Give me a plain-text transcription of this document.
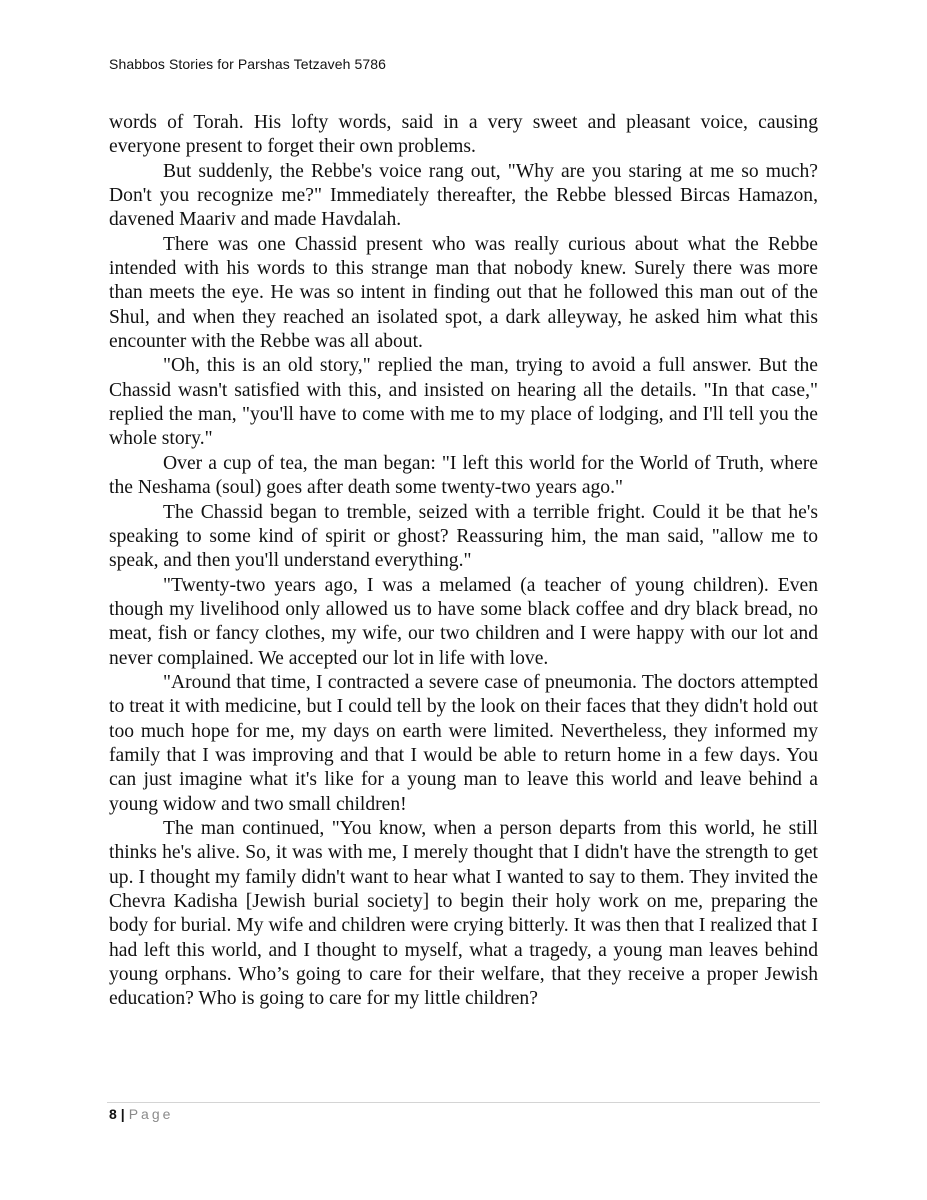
Shabbos Stories for Parshas Tetzaveh 5786

words of Torah. His lofty words, said in a very sweet and pleasant voice, causing everyone present to forget their own problems.

But suddenly, the Rebbe's voice rang out, "Why are you staring at me so much? Don't you recognize me?" Immediately thereafter, the Rebbe blessed Bircas Hamazon, davened Maariv and made Havdalah.

There was one Chassid present who was really curious about what the Rebbe intended with his words to this strange man that nobody knew. Surely there was more than meets the eye. He was so intent in finding out that he followed this man out of the Shul, and when they reached an isolated spot, a dark alleyway, he asked him what this encounter with the Rebbe was all about.

"Oh, this is an old story," replied the man, trying to avoid a full answer. But the Chassid wasn't satisfied with this, and insisted on hearing all the details. "In that case," replied the man, "you'll have to come with me to my place of lodging, and I'll tell you the whole story."

Over a cup of tea, the man began: "I left this world for the World of Truth, where the Neshama (soul) goes after death some twenty-two years ago."

The Chassid began to tremble, seized with a terrible fright. Could it be that he's speaking to some kind of spirit or ghost? Reassuring him, the man said, "allow me to speak, and then you'll understand everything."

"Twenty-two years ago, I was a melamed (a teacher of young children). Even though my livelihood only allowed us to have some black coffee and dry black bread, no meat, fish or fancy clothes, my wife, our two children and I were happy with our lot and never complained. We accepted our lot in life with love.

"Around that time, I contracted a severe case of pneumonia. The doctors attempted to treat it with medicine, but I could tell by the look on their faces that they didn't hold out too much hope for me, my days on earth were limited. Nevertheless, they informed my family that I was improving and that I would be able to return home in a few days. You can just imagine what it's like for a young man to leave this world and leave behind a young widow and two small children!

The man continued, "You know, when a person departs from this world, he still thinks he's alive. So, it was with me, I merely thought that I didn't have the strength to get up. I thought my family didn't want to hear what I wanted to say to them. They invited the Chevra Kadisha [Jewish burial society] to begin their holy work on me, preparing the body for burial. My wife and children were crying bitterly. It was then that I realized that I had left this world, and I thought to myself, what a tragedy, a young man leaves behind young orphans. Who’s going to care for their welfare, that they receive a proper Jewish education? Who is going to care for my little children?

8 | Page
